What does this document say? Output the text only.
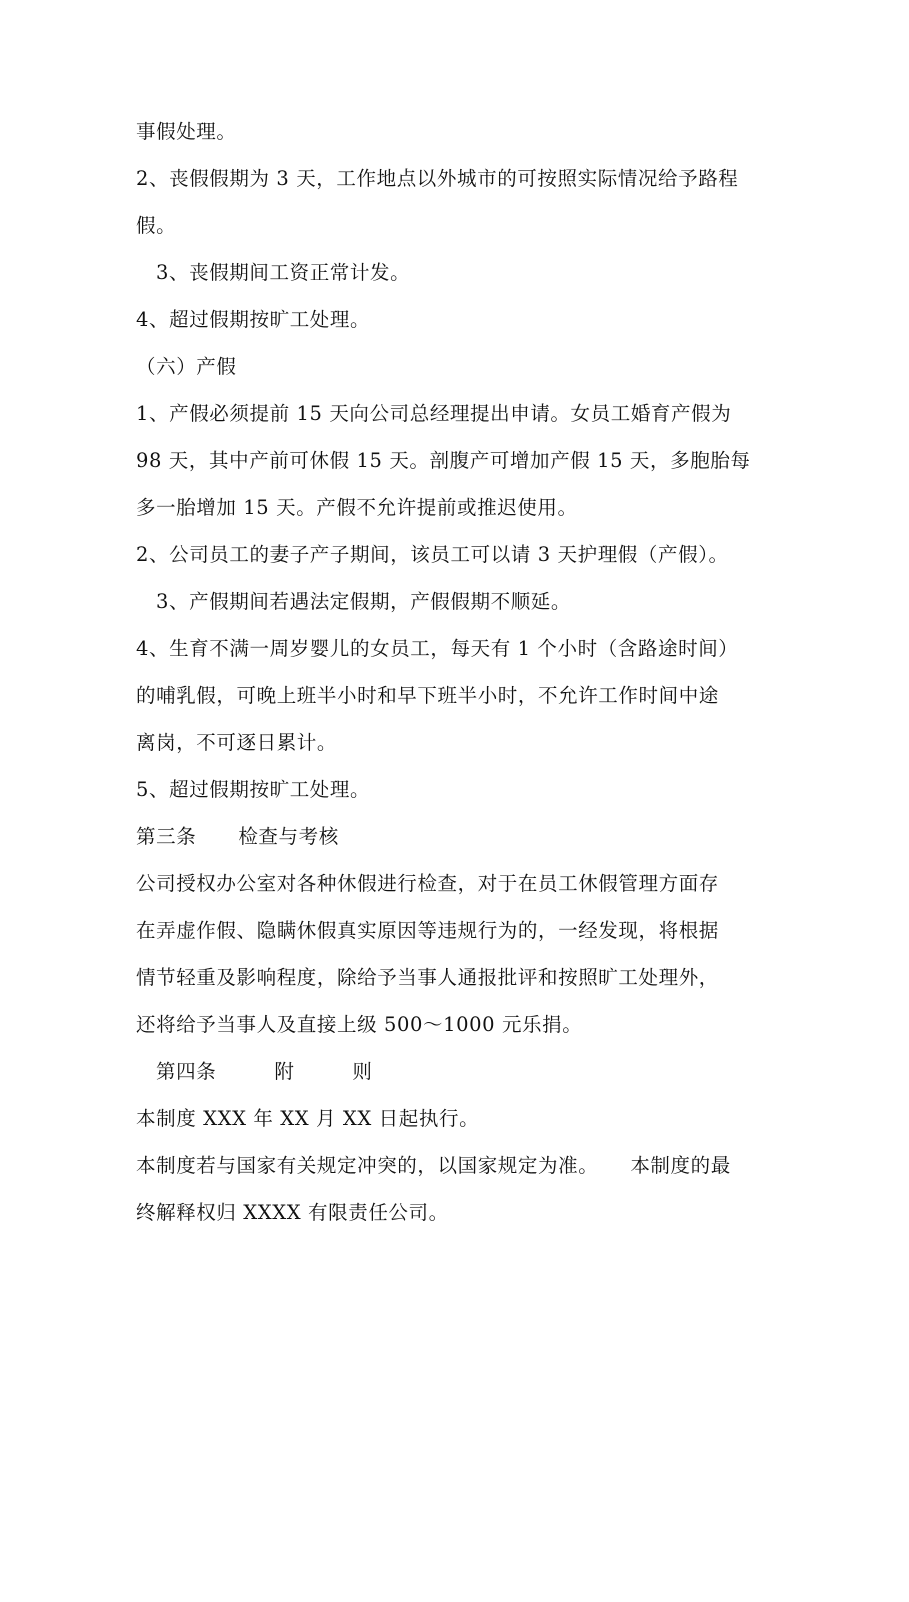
事假处理。
2、丧假假期为 3 天，工作地点以外城市的可按照实际情况给予路程
假。
3、丧假期间工资正常计发。
4、超过假期按旷工处理。
（六）产假
1、产假必须提前 15 天向公司总经理提出申请。女员工婚育产假为
98 天，其中产前可休假 15 天。剖腹产可增加产假 15 天，多胞胎每
多一胎增加 15 天。产假不允许提前或推迟使用。
2、公司员工的妻子产子期间，该员工可以请 3 天护理假（产假）。
3、产假期间若遇法定假期，产假假期不顺延。
4、生育不满一周岁婴儿的女员工，每天有 1 个小时（含路途时间）
的哺乳假，可晚上班半小时和早下班半小时，不允许工作时间中途
离岗，不可逐日累计。
5、超过假期按旷工处理。
第三条 检查与考核
公司授权办公室对各种休假进行检查，对于在员工休假管理方面存
在弄虚作假、隐瞒休假真实原因等违规行为的，一经发现，将根据
情节轻重及影响程度，除给予当事人通报批评和按照旷工处理外，
还将给予当事人及直接上级 500～1000 元乐捐。
第四条	附	则
本制度 XXX 年 XX 月 XX 日起执行。
本制度若与国家有关规定冲突的，以国家规定为准。 本制度的最
终解释权归 XXXX 有限责任公司。
